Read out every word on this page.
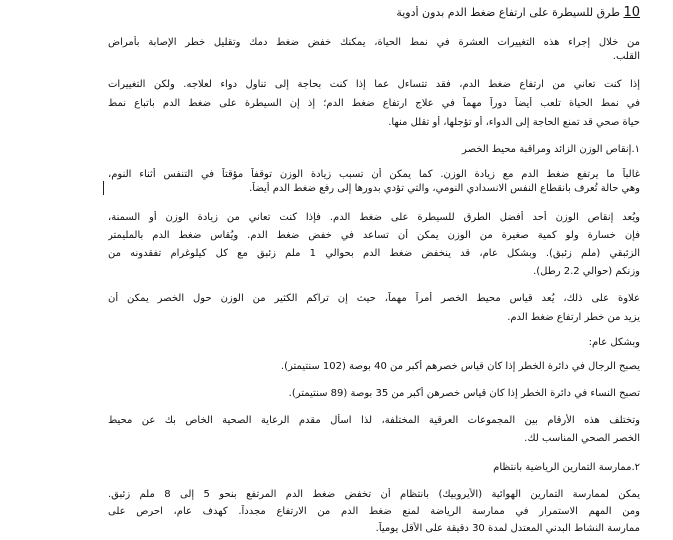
10 طرق للسيطرة على ارتفاع ضغط الدم بدون أدوية
من خلال إجراء هذه التغييرات العشرة في نمط الحياة، يمكنك خفض ضغط دمك وتقليل خطر الإصابة بأمراض
القلب.
إذا كنت تعاني من ارتفاع ضغط الدم، فقد تتساءل عما إذا كنت بحاجة إلى تناول دواء لعلاجه. ولكن التغييرات
في نمط الحياة تلعب أيضاً دوراً مهماً في علاج ارتفاع ضغط الدم؛ إذ إن السيطرة على ضغط الدم باتباع نمط
حياة صحي قد تمنع الحاجة إلى الدواء، أو تؤجلها، أو تقلل منها.
١.إنقاص الوزن الزائد ومراقبة محيط الخصر
غالباً ما يرتفع ضغط الدم مع زيادة الوزن. كما يمكن أن تسبب زيادة الوزن توقفاً مؤقتاً في التنفس أثناء النوم،
وهي حالة تُعرف بانقطاع النفس الانسدادي النومي، والتي تؤدي بدورها إلى رفع ضغط الدم أيضاً.
ويُعد إنقاص الوزن أحد أفضل الطرق للسيطرة على ضغط الدم. فإذا كنت تعاني من زيادة الوزن أو السمنة،
فإن خسارة ولو كمية صغيرة من الوزن يمكن أن تساعد في خفض ضغط الدم. ويُقاس ضغط الدم بالمليمتر
الزئبقي (ملم زئبق). وبشكل عام، قد ينخفض ضغط الدم بحوالي 1 ملم زئبق مع كل كيلوغرام تفقدونه من
وزنكم (حوالي 2.2 رطل).
علاوة على ذلك، يُعد قياس محيط الخصر أمراً مهماً، حيث إن تراكم الكثير من الوزن حول الخصر يمكن أن
يزيد من خطر ارتفاع ضغط الدم.
وبشكل عام:
يصبح الرجال في دائرة الخطر إذا كان قياس خصرهم أكبر من 40 بوصة (102 سنتيمتر).
تصبح النساء في دائرة الخطر إذا كان قياس خصرهن أكبر من 35 بوصة (89 سنتيمتر).
وتختلف هذه الأرقام بين المجموعات العرقية المختلفة، لذا اسأل مقدم الرعاية الصحية الخاص بك عن محيط
الخصر الصحي المناسب لك.
٢.ممارسة التمارين الرياضية بانتظام
يمكن لممارسة التمارين الهوائية (الأيروبيك) بانتظام أن تخفض ضغط الدم المرتفع بنحو 5 إلى 8 ملم زئبق.
ومن المهم الاستمرار في ممارسة الرياضة لمنع ضغط الدم من الارتفاع مجدداً. كهدف عام، احرص على
ممارسة النشاط البدني المعتدل لمدة 30 دقيقة على الأقل يومياً.
